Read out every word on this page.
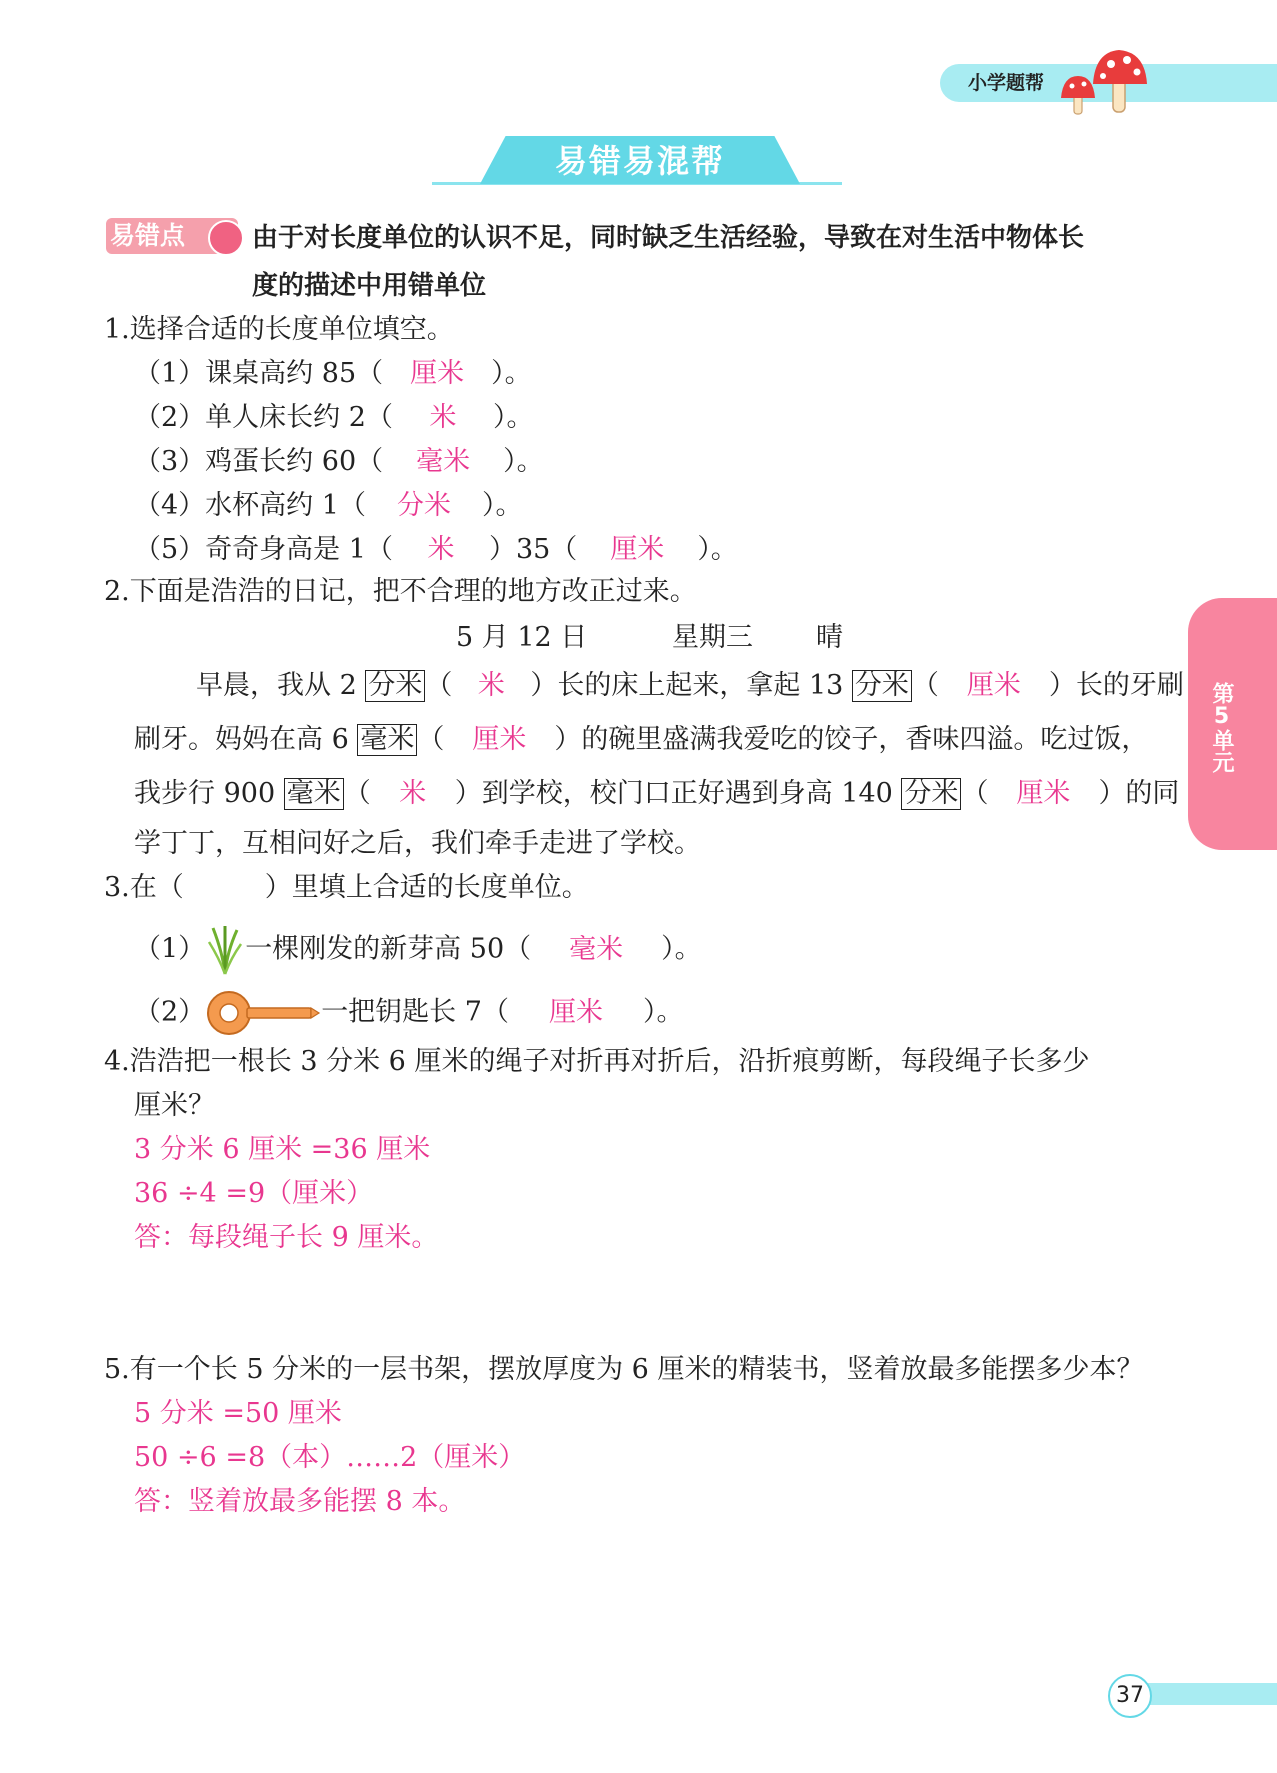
小学题帮
易错易混帮
易错点	由于对长度单位的认识不足，同时缺乏生活经验，导致在对生活中物体长
度的描述中用错单位
1.选择合适的长度单位填空。
（1）课桌高约 85（ 厘米 ）。
（2）单人床长约 2（ 米 ）。
（3）鸡蛋长约 60（ 毫米 ）。
（4）水杯高约 1（ 分米 ）。
（5）奇奇身高是 1（ 米 ）35（ 厘米 ）。
2.下面是浩浩的日记，把不合理的地方改正过来。
5 月 12 日	星期三 晴
早晨，我从 2 分米 （ 米 ）长的床上起来，拿起 13 分米 （ 厘米 ）长的牙刷
刷牙。妈妈在高 6 毫米 （ 厘米 ）的碗里盛满我爱吃的饺子，香味四溢。吃过饭，
我步行 900 毫米 （ 米 ）到学校，校门口正好遇到身高 140 分米 （ 厘米 ）的同
学丁丁，互相问好之后，我们牵手走进了学校。
3.在（　　　）里填上合适的长度单位。
（1） 一棵刚发的新芽高 50（ 毫米 ）。
（2）	一把钥匙长 7（ 厘米 ）。
4.浩浩把一根长 3 分米 6 厘米的绳子对折再对折后，沿折痕剪断，每段绳子长多少
厘米？
3 分米 6 厘米 =36 厘米
36 ÷4 =9（厘米）
答：每段绳子长 9 厘米。
5.有一个长 5 分米的一层书架，摆放厚度为 6 厘米的精装书，竖着放最多能摆多少本？
5 分米 =50 厘米
50 ÷6 =8（本）……2（厘米）
答：竖着放最多能摆 8 本。
第5单元
37
